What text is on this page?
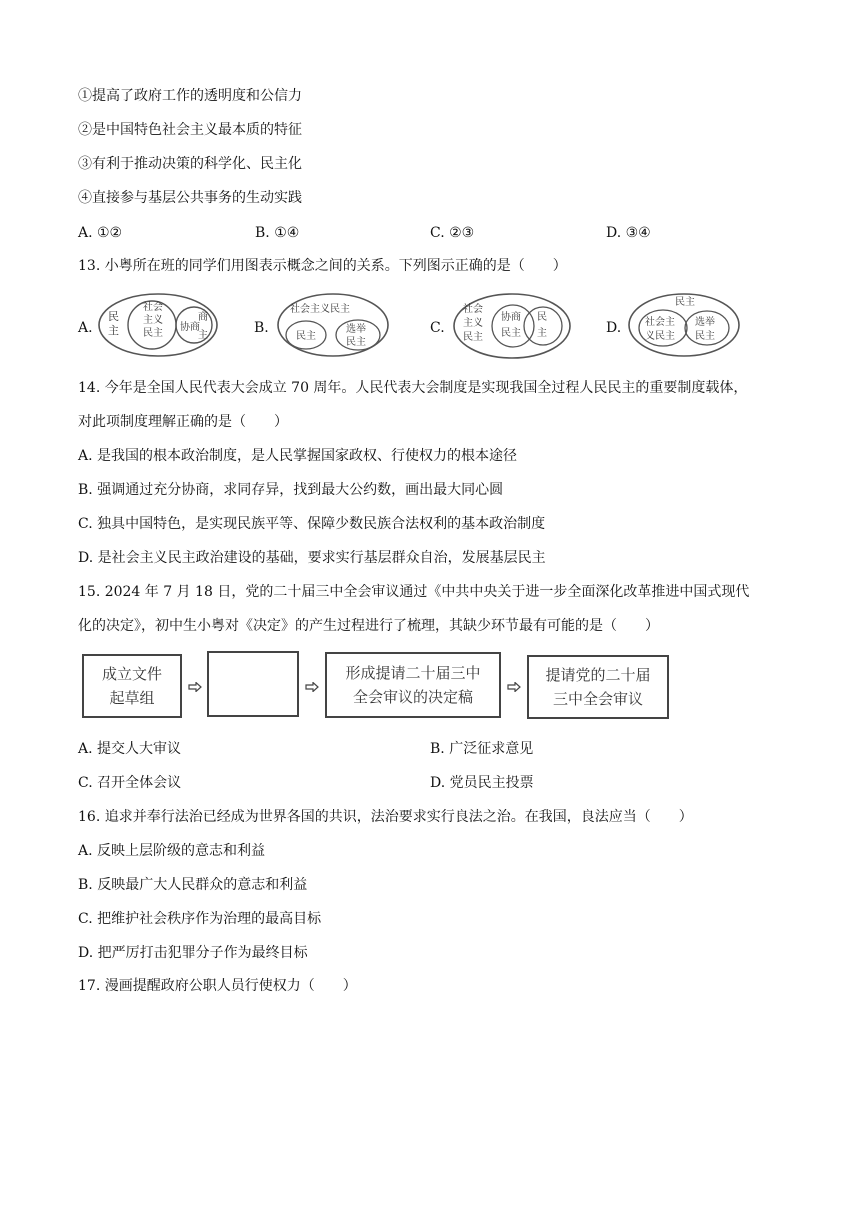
①提高了政府工作的透明度和公信力
②是中国特色社会主义最本质的特征
③有利于推动决策的科学化、民主化
④直接参与基层公共事务的生动实践
A. ①②	B. ①④	C. ②③	D. ③④
13. 小粤所在班的同学们用图表示概念之间的关系。下列图示正确的是（　　）
A.	B.	C.	D.
民
主
社会
主义
民主
协商
商
主
社会主义民主
民主
选举
民主
社会
主义
民主
协商
民主
民
主
民主
社会主
义民主
选举
民主
14. 今年是全国人民代表大会成立 70 周年。人民代表大会制度是实现我国全过程人民民主的重要制度载体，
对此项制度理解正确的是（　　）
A. 是我国的根本政治制度，是人民掌握国家政权、行使权力的根本途径
B. 强调通过充分协商，求同存异，找到最大公约数，画出最大同心圆
C. 独具中国特色，是实现民族平等、保障少数民族合法权利的基本政治制度
D. 是社会主义民主政治建设的基础，要求实行基层群众自治，发展基层民主
15. 2024 年 7 月 18 日，党的二十届三中全会审议通过《中共中央关于进一步全面深化改革推进中国式现代
化的决定》，初中生小粤对《决定》的产生过程进行了梳理，其缺少环节最有可能的是（　　）
成立文件
起草组
形成提请二十届三中
全会审议的决定稿
提请党的二十届
三中全会审议
A. 提交人大审议	B. 广泛征求意见
C. 召开全体会议	D. 党员民主投票
16. 追求并奉行法治已经成为世界各国的共识，法治要求实行良法之治。在我国，良法应当（　　）
A. 反映上层阶级的意志和利益
B. 反映最广大人民群众的意志和利益
C. 把维护社会秩序作为治理的最高目标
D. 把严厉打击犯罪分子作为最终目标
17. 漫画提醒政府公职人员行使权力（　　）
